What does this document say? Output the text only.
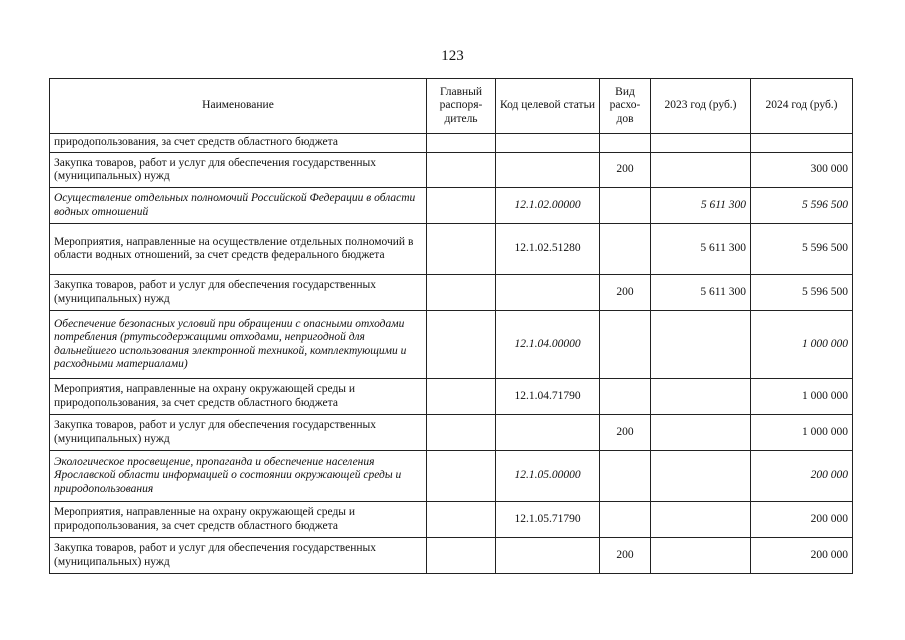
123
Наименование	Главный распоря-дитель	Код целевой статьи	Вид расхо-дов	2023 год (руб.)	2024 год (руб.)
природопользования, за счет средств областного бюджета					
Закупка товаров, работ и услуг для обеспечения государственных (муниципальных) нужд			200		300 000
Осуществление отдельных полномочий Российской Федерации в области водных отношений		12.1.02.00000		5 611 300	5 596 500
Мероприятия, направленные на осуществление отдельных полномочий в области водных отношений, за счет средств федерального бюджета		12.1.02.51280		5 611 300	5 596 500
Закупка товаров, работ и услуг для обеспечения государственных (муниципальных) нужд			200	5 611 300	5 596 500
Обеспечение безопасных условий при обращении с опасными отходами потребления (ртутьсодержащими отходами, непригодной для дальнейшего использования электронной техникой, комплектующими и расходными материалами)		12.1.04.00000			1 000 000
Мероприятия, направленные на охрану окружающей среды и природопользования, за счет средств областного бюджета		12.1.04.71790			1 000 000
Закупка товаров, работ и услуг для обеспечения государственных (муниципальных) нужд			200		1 000 000
Экологическое просвещение, пропаганда и обеспечение населения Ярославской области информацией о состоянии окружающей среды и природопользования		12.1.05.00000			200 000
Мероприятия, направленные на охрану окружающей среды и природопользования, за счет средств областного бюджета		12.1.05.71790			200 000
Закупка товаров, работ и услуг для обеспечения государственных (муниципальных) нужд			200		200 000
